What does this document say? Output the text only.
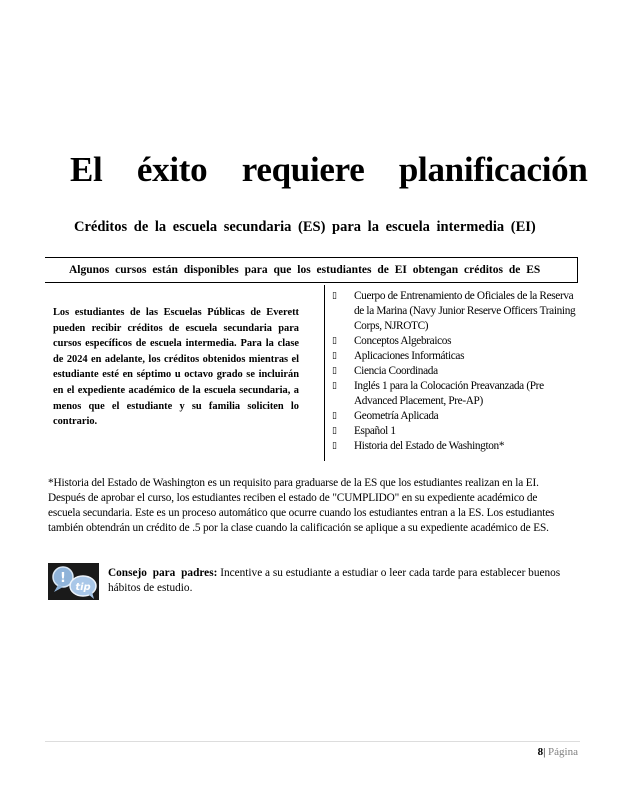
El éxito requiere planificación
Créditos de la escuela secundaria (ES) para la escuela intermedia (EI)
Algunos cursos están disponibles para que los estudiantes de EI obtengan créditos de ES
Los estudiantes de las Escuelas Públicas de Everett pueden recibir créditos de escuela secundaria para cursos específicos de escuela intermedia. Para la clase de 2024 en adelante, los créditos obtenidos mientras el estudiante esté en séptimo u octavo grado se incluirán en el expediente académico de la escuela secundaria, a menos que el estudiante y su familia soliciten lo contrario.
▯ Cuerpo de Entrenamiento de Oficiales de la Reserva de la Marina (Navy Junior Reserve Officers Training Corps, NJROTC)
▯ Conceptos Algebraicos
▯ Aplicaciones Informáticas
▯ Ciencia Coordinada
▯ Inglés 1 para la Colocación Preavanzada (Pre Advanced Placement, Pre-AP)
▯ Geometría Aplicada
▯ Español 1
▯ Historia del Estado de Washington*
*Historia del Estado de Washington es un requisito para graduarse de la ES que los estudiantes realizan en la EI. Después de aprobar el curso, los estudiantes reciben el estado de "CUMPLIDO" en su expediente académico de escuela secundaria. Este es un proceso automático que ocurre cuando los estudiantes entran a la ES. Los estudiantes también obtendrán un crédito de .5 por la clase cuando la calificación se aplique a su expediente académico de ES.
!
tip
Consejo para padres: Incentive a su estudiante a estudiar o leer cada tarde para establecer buenos hábitos de estudio.
8| Página
